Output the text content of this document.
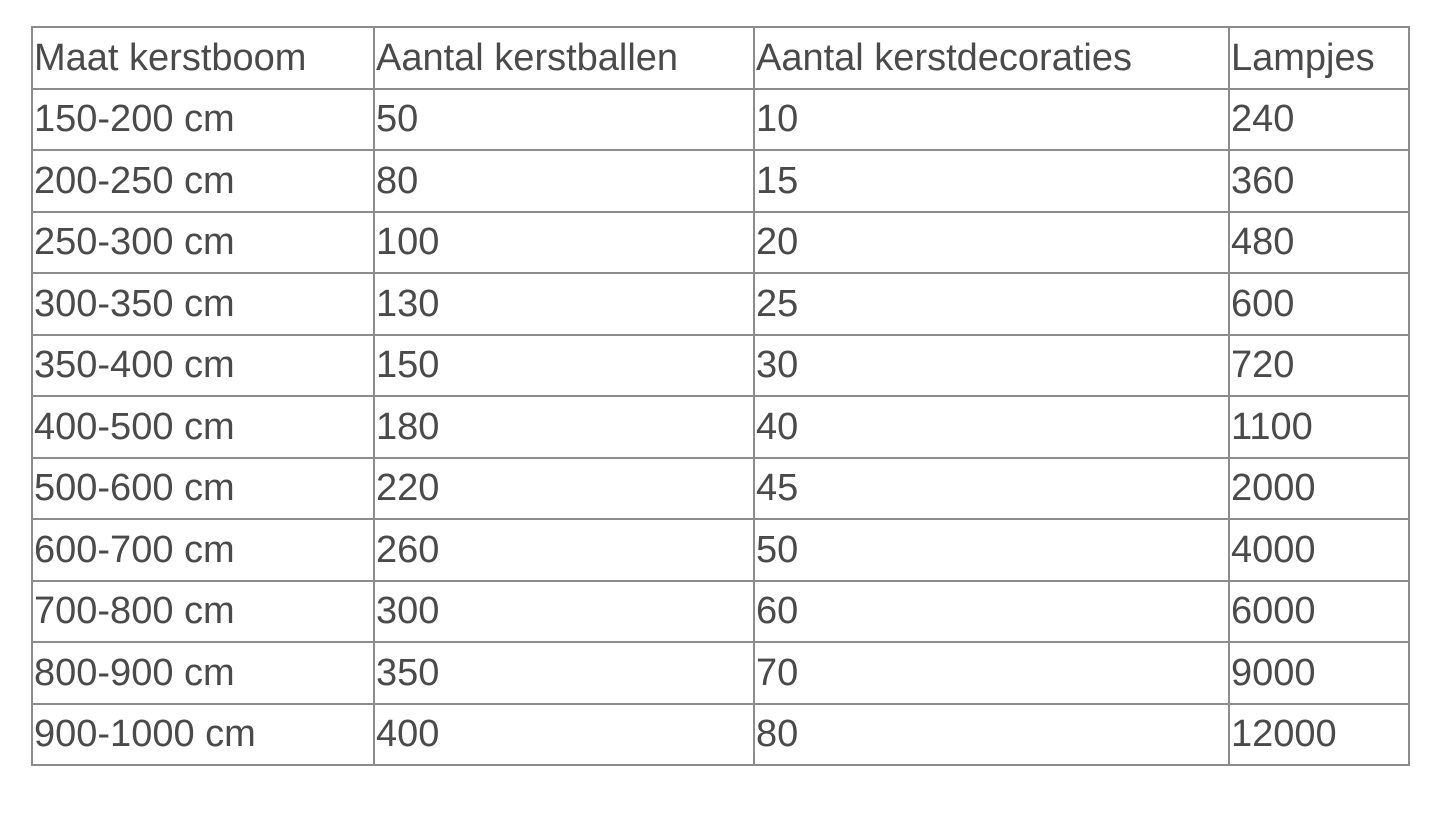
Maat kerstboom	Aantal kerstballen	Aantal kerstdecoraties	Lampjes
150-200 cm	50	10	240
200-250 cm	80	15	360
250-300 cm	100	20	480
300-350 cm	130	25	600
350-400 cm	150	30	720
400-500 cm	180	40	1100
500-600 cm	220	45	2000
600-700 cm	260	50	4000
700-800 cm	300	60	6000
800-900 cm	350	70	9000
900-1000 cm	400	80	12000
